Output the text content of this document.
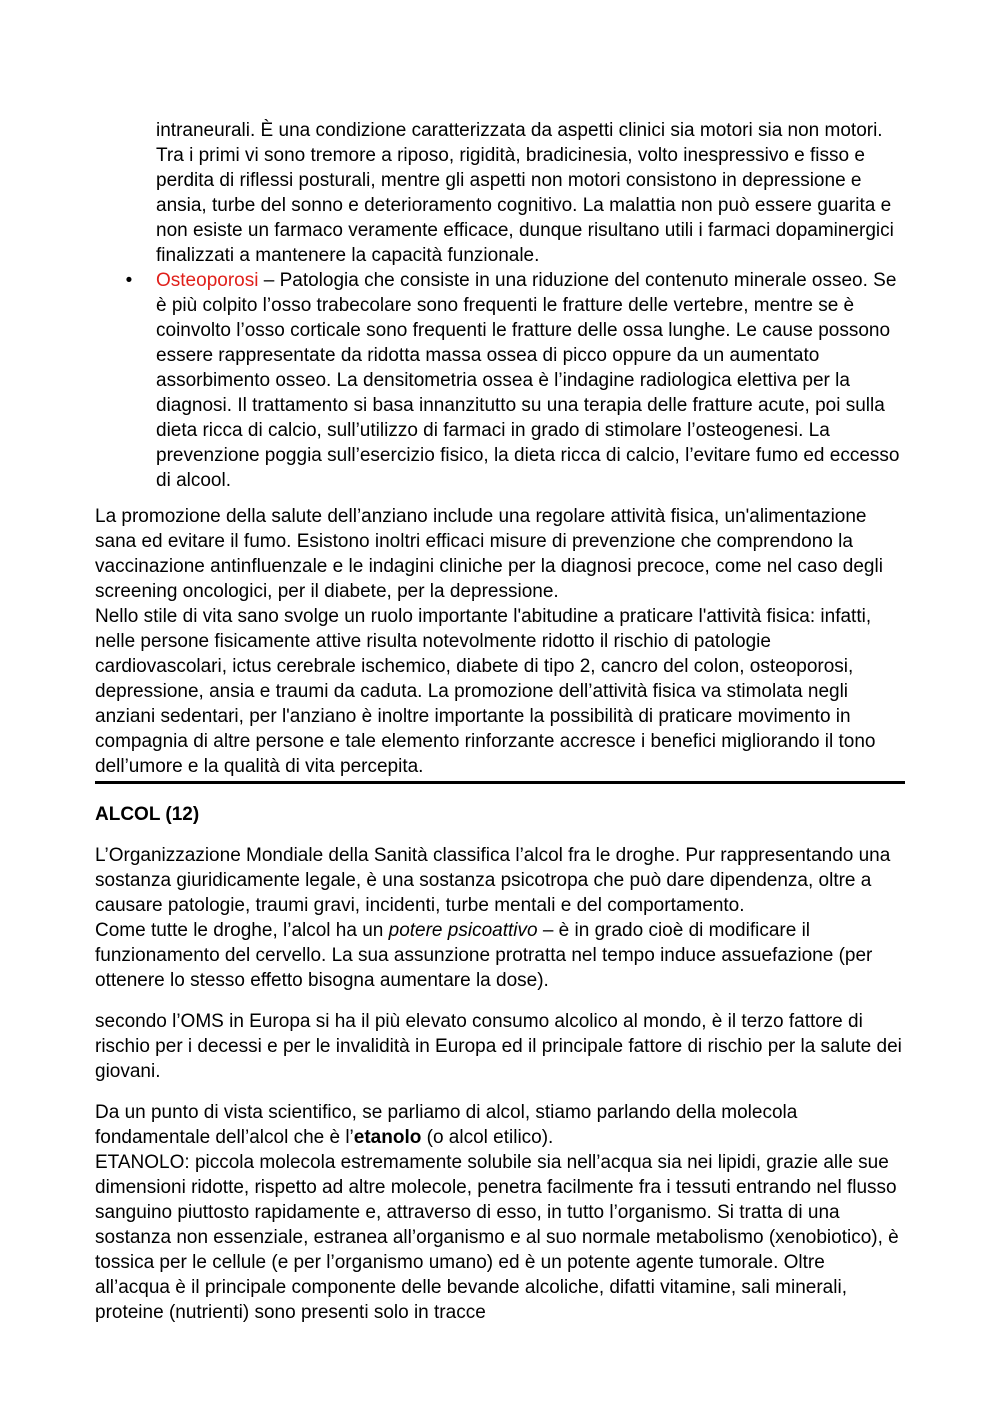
intraneurali. È una condizione caratterizzata da aspetti clinici sia motori sia non motori. Tra i primi vi sono tremore a riposo, rigidità, bradicinesia, volto inespressivo e fisso e perdita di riflessi posturali, mentre gli aspetti non motori consistono in depressione e ansia, turbe del sonno e deterioramento cognitivo. La malattia non può essere guarita e non esiste un farmaco veramente efficace, dunque risultano utili i farmaci dopaminergici finalizzati a mantenere la capacità funzionale.

• Osteoporosi – Patologia che consiste in una riduzione del contenuto minerale osseo. Se è più colpito l’osso trabecolare sono frequenti le fratture delle vertebre, mentre se è coinvolto l’osso corticale sono frequenti le fratture delle ossa lunghe. Le cause possono essere rappresentate da ridotta massa ossea di picco oppure da un aumentato assorbimento osseo. La densitometria ossea è l’indagine radiologica elettiva per la diagnosi. Il trattamento si basa innanzitutto su una terapia delle fratture acute, poi sulla dieta ricca di calcio, sull’utilizzo di farmaci in grado di stimolare l’osteogenesi. La prevenzione poggia sull’esercizio fisico, la dieta ricca di calcio, l’evitare fumo ed eccesso di alcool.

La promozione della salute dell’anziano include una regolare attività fisica, un'alimentazione sana ed evitare il fumo. Esistono inoltri efficaci misure di prevenzione che comprendono la vaccinazione antinfluenzale e le indagini cliniche per la diagnosi precoce, come nel caso degli screening oncologici, per il diabete, per la depressione.

Nello stile di vita sano svolge un ruolo importante l'abitudine a praticare l'attività fisica: infatti, nelle persone fisicamente attive risulta notevolmente ridotto il rischio di patologie cardiovascolari, ictus cerebrale ischemico, diabete di tipo 2, cancro del colon, osteoporosi, depressione, ansia e traumi da caduta. La promozione dell’attività fisica va stimolata negli anziani sedentari, per l'anziano è inoltre importante la possibilità di praticare movimento in compagnia di altre persone e tale elemento rinforzante accresce i benefici migliorando il tono dell’umore e la qualità di vita percepita.

ALCOL (12)

L’Organizzazione Mondiale della Sanità classifica l’alcol fra le droghe. Pur rappresentando una sostanza giuridicamente legale, è una sostanza psicotropa che può dare dipendenza, oltre a causare patologie, traumi gravi, incidenti, turbe mentali e del comportamento.

Come tutte le droghe, l’alcol ha un potere psicoattivo – è in grado cioè di modificare il funzionamento del cervello. La sua assunzione protratta nel tempo induce assuefazione (per ottenere lo stesso effetto bisogna aumentare la dose).

secondo l’OMS in Europa si ha il più elevato consumo alcolico al mondo, è il terzo fattore di rischio per i decessi e per le invalidità in Europa ed il principale fattore di rischio per la salute dei giovani.

Da un punto di vista scientifico, se parliamo di alcol, stiamo parlando della molecola fondamentale dell’alcol che è l’etanolo (o alcol etilico).

ETANOLO: piccola molecola estremamente solubile sia nell’acqua sia nei lipidi, grazie alle sue dimensioni ridotte, rispetto ad altre molecole, penetra facilmente fra i tessuti entrando nel flusso sanguino piuttosto rapidamente e, attraverso di esso, in tutto l’organismo. Si tratta di una sostanza non essenziale, estranea all’organismo e al suo normale metabolismo (xenobiotico), è tossica per le cellule (e per l’organismo umano) ed è un potente agente tumorale. Oltre all’acqua è il principale componente delle bevande alcoliche, difatti vitamine, sali minerali, proteine (nutrienti) sono presenti solo in tracce
